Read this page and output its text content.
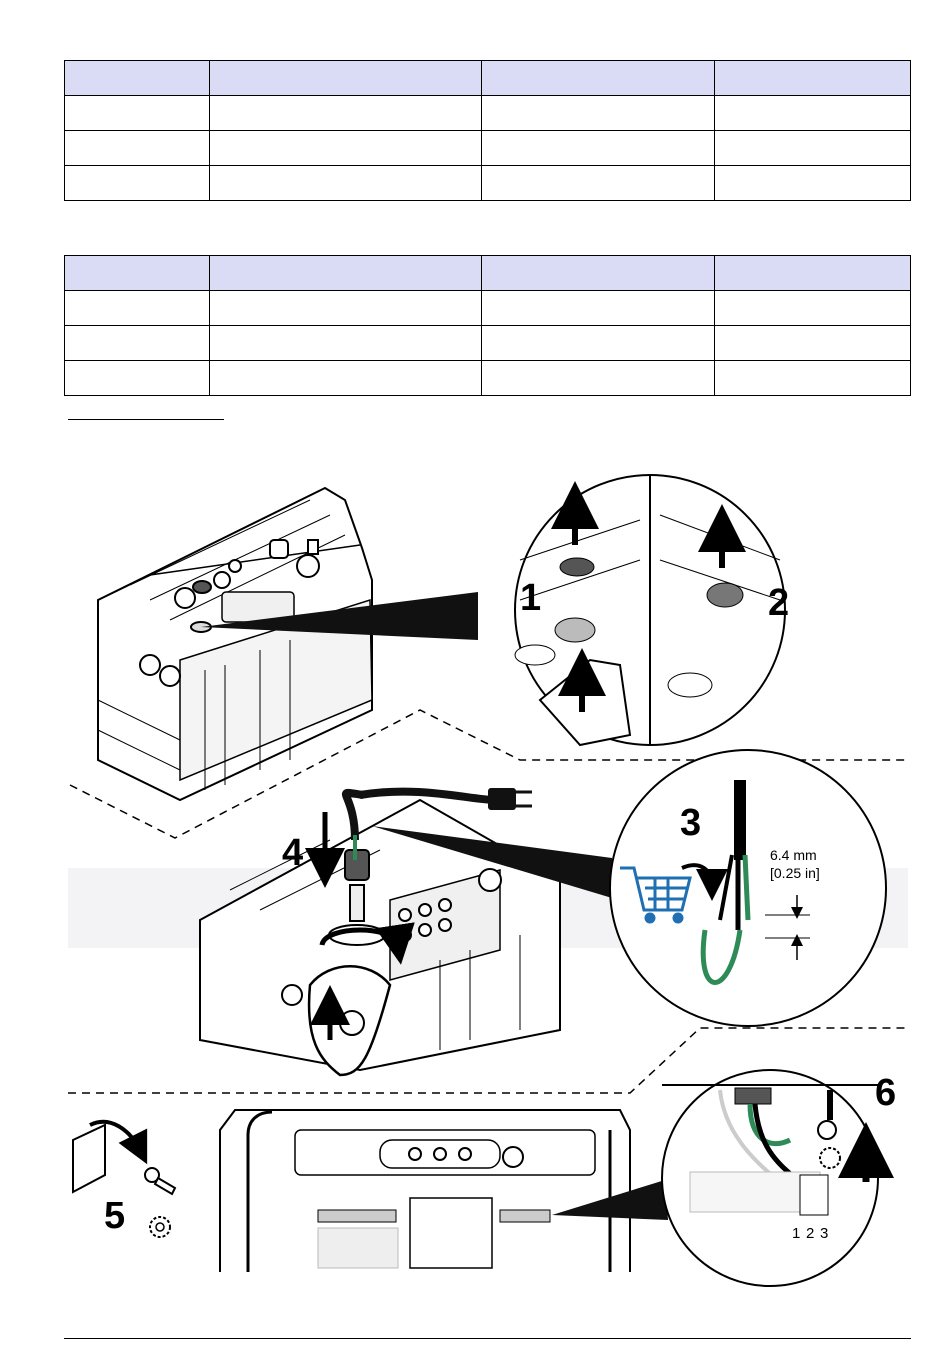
1	2
4
3
6.4 mm
[0.25 in]
5	1 2 3
6
